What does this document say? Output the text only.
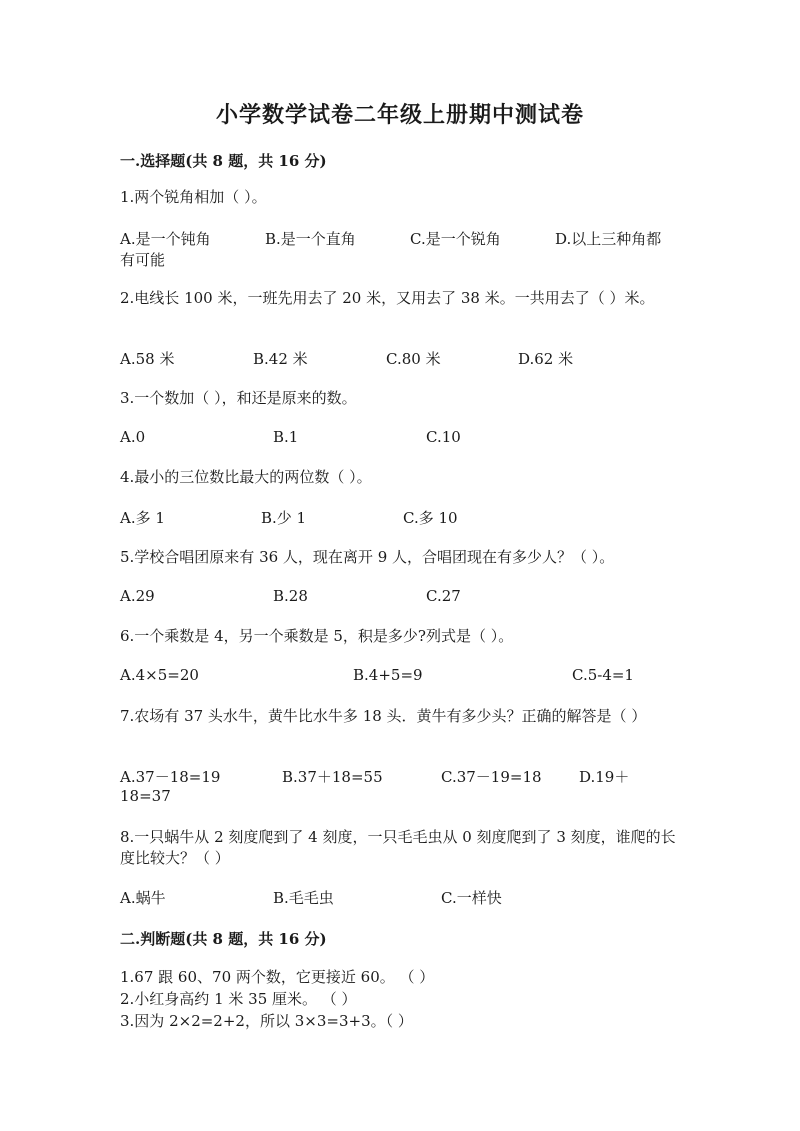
小学数学试卷二年级上册期中测试卷
一.选择题(共 8 题，共 16 分)
1.两个锐角相加（ ）。
A.是一个钝角	B.是一个直角	C.是一个锐角	D.以上三种角都
有可能
2.电线长 100 米，一班先用去了 20 米，又用去了 38 米。一共用去了（ ）米。
A.58 米	B.42 米	C.80 米	D.62 米
3.一个数加（ ），和还是原来的数。
A.0	B.1	C.10
4.最小的三位数比最大的两位数（ ）。
A.多 1	B.少 1	C.多 10
5.学校合唱团原来有 36 人，现在离开 9 人，合唱团现在有多少人？（ ）。
A.29	B.28	C.27
6.一个乘数是 4，另一个乘数是 5，积是多少?列式是（ ）。
A.4×5=20	B.4+5=9	C.5-4=1
7.农场有 37 头水牛，黄牛比水牛多 18 头．黄牛有多少头？正确的解答是（ ）
A.37－18=19	B.37＋18=55	C.37－19=18 D.19＋
18=37
8.一只蜗牛从 2 刻度爬到了 4 刻度，一只毛毛虫从 0 刻度爬到了 3 刻度，谁爬的长度比较大？（ ）
A.蜗牛	B.毛毛虫	C.一样快
二.判断题(共 8 题，共 16 分)
1.67 跟 60、70 两个数，它更接近 60。 （ ）
2.小红身高约 1 米 35 厘米。 （ ）
3.因为 2×2=2+2，所以 3×3=3+3。（ ）
